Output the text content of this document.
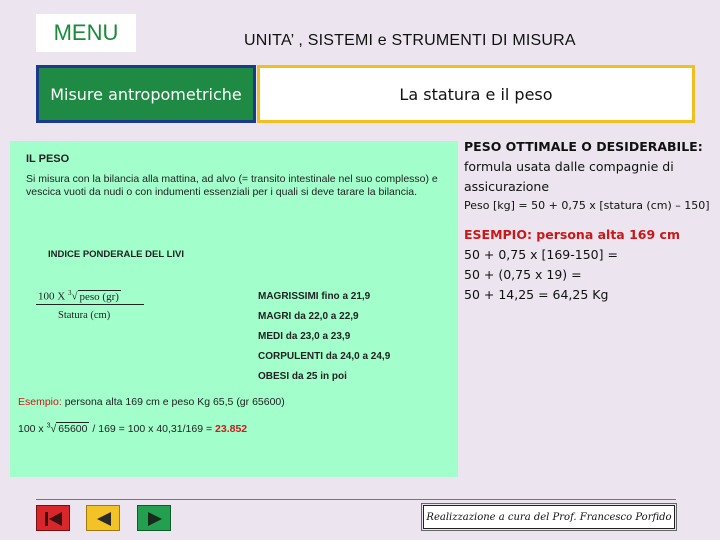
MENU	UNITA’ , SISTEMI e STRUMENTI DI MISURA
Misure antropometriche	La statura e il peso
IL PESO
Si misura con la bilancia alla mattina, ad alvo (= transito intestinale nel suo complesso) e vescica vuoti da nudi o con indumenti essenziali per i quali si deve tarare la bilancia.
INDICE PONDERALE DEL LIVI
100 X $^3$√ peso (gr)
Statura (cm)
MAGRISSIMI fino a 21,9
MAGRI da 22,0 a 22,9
MEDI da 23,0 a 23,9
CORPULENTI da 24,0 a 24,9
OBESI da 25 in poi
Esempio: persona alta 169 cm e peso Kg 65,5 (gr 65600)
100 x $^3$√ 65600 / 169 = 100 x 40,31/169 = 23.852
PESO OTTIMALE O DESIDERABILE:
formula usata dalle compagnie di assicurazione
Peso [kg] = 50 + 0,75 x [statura (cm) – 150]
ESEMPIO: persona alta 169 cm
50 + 0,75 x [169-150] =
50 + (0,75 x 19) =
50 + 14,25 = 64,25 Kg
Realizzazione a cura del Prof. Francesco Porfido
